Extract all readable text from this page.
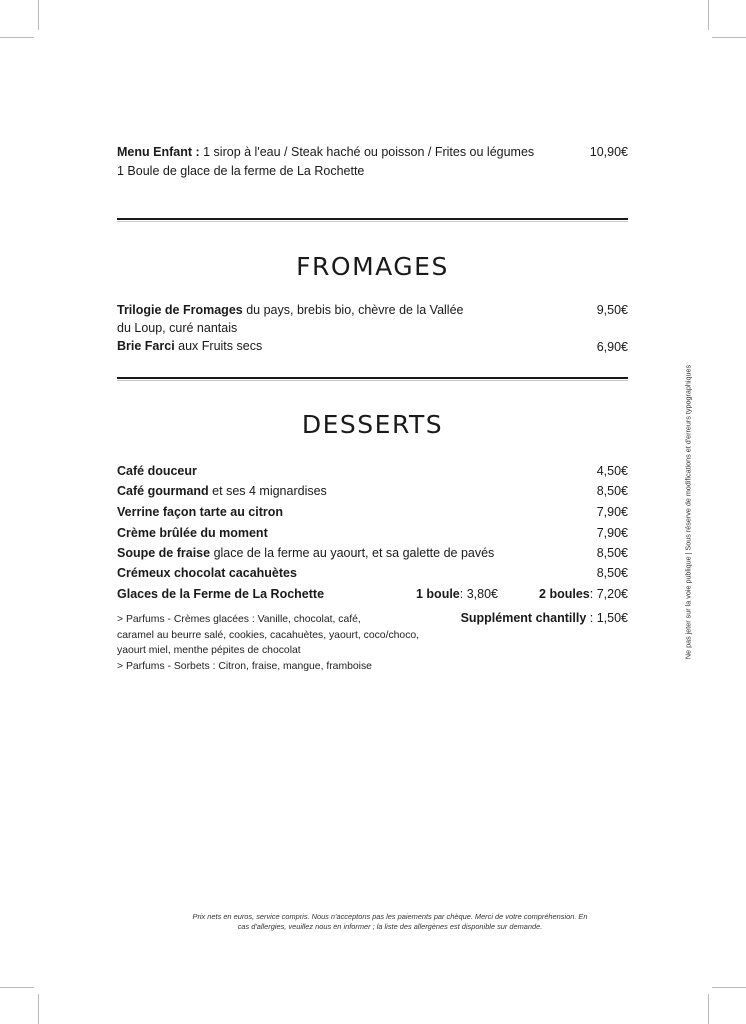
Menu Enfant : 1 sirop à l'eau / Steak haché ou poisson / Frites ou légumes	10,90€
1 Boule de glace de la ferme de La Rochette
FROMAGES
Trilogie de Fromages du pays, brebis bio, chèvre de la Vallée	9,50€
du Loup, curé nantais
Brie Farci aux Fruits secs	6,90€
DESSERTS
Café douceur	4,50€
Café gourmand et ses 4 mignardises	8,50€
Verrine façon tarte au citron	7,90€
Crème brûlée du moment	7,90€
Soupe de fraise glace de la ferme au yaourt, et sa galette de pavés	8,50€
Crémeux chocolat cacahuètes	8,50€
Glaces de la Ferme de La Rochette	1 boule: 3,80€	2 boules: 7,20€
Supplément chantilly : 1,50€
> Parfums - Crèmes glacées : Vanille, chocolat, café,
caramel au beurre salé, cookies, cacahuètes, yaourt, coco/choco,
yaourt miel, menthe pépites de chocolat
> Parfums - Sorbets : Citron, fraise, mangue, framboise
Ne pas jeter sur la voie publique | Sous réserve de modifications et d'erreurs typographiques
Prix nets en euros, service compris. Nous n'acceptons pas les paiements par chèque. Merci de votre compréhension. En
cas d'allergies, veuillez nous en informer ; la liste des allergènes est disponible sur demande.
